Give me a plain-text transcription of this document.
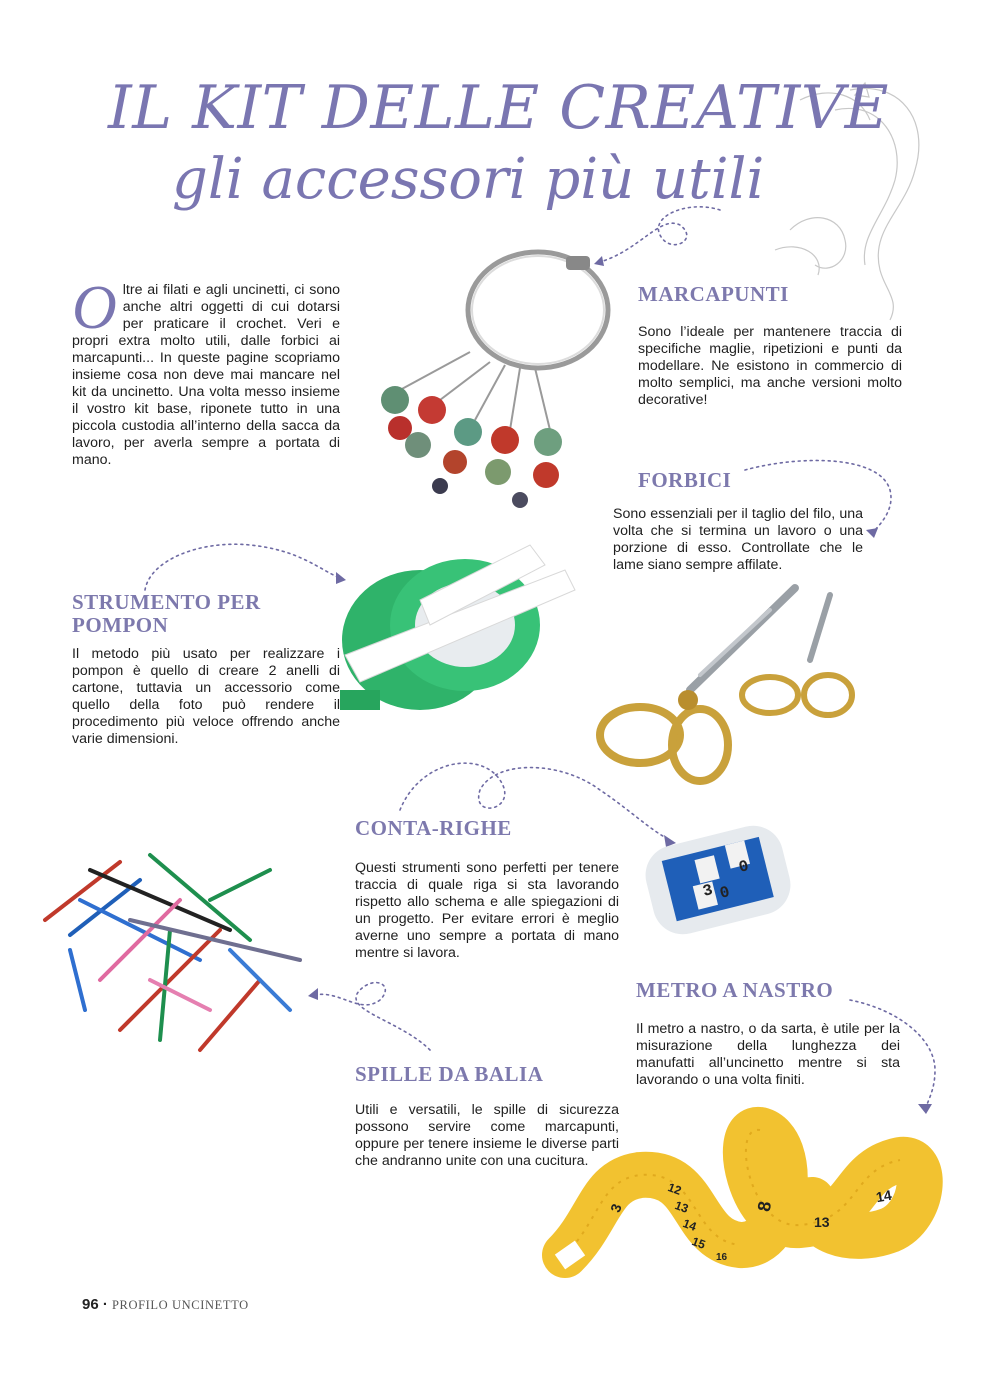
IL KIT DELLE CREATIVE
gli accessori più utili
Oltre ai filati e agli uncinetti, ci sono anche altri oggetti di cui dotarsi per praticare il crochet. Veri e propri extra molto utili, dalle forbici ai marcapunti... In queste pagine scopriamo insieme cosa non deve mai mancare nel kit da uncinetto. Una volta messo insieme il vostro kit base, riponete tutto in una piccola custodia all’interno della sacca da lavoro, per averla sempre a portata di mano.
MARCAPUNTI
Sono l’ideale per mantenere traccia di specifiche maglie, ripetizioni e punti da modellare. Ne esistono in commercio di molto semplici, ma anche versioni molto decorative!
FORBICI
Sono essenziali per il taglio del filo, una volta che si termina un lavoro o una porzione di esso. Controllate che le lame siano sempre affilate.
STRUMENTO PER
POMPON
Il metodo più usato per realizzare i pompon è quello di creare 2 anelli di cartone, tuttavia un accessorio come quello della foto può rendere il procedimento più veloce offrendo anche varie dimensioni.
CONTA-RIGHE
Questi strumenti sono perfetti per tenere traccia di quale riga si sta lavorando rispetto allo schema e alle spiegazioni di un progetto. Per evitare errori è meglio averne uno sempre a portata di mano mentre si lavora.
3
0
0
METRO A NASTRO
Il metro a nastro, o da sarta, è utile per la misurazione della lunghezza dei manufatti all’uncinetto mentre si sta lavorando o una volta finiti.
3
12
13
14
15
16
8
13
14
SPILLE DA BALIA
Utili e versatili, le spille di sicurezza possono servire come marcapunti, oppure per tenere insieme le diverse parti che andranno unite con una cucitura.
96 · PROFILO UNCINETTO
